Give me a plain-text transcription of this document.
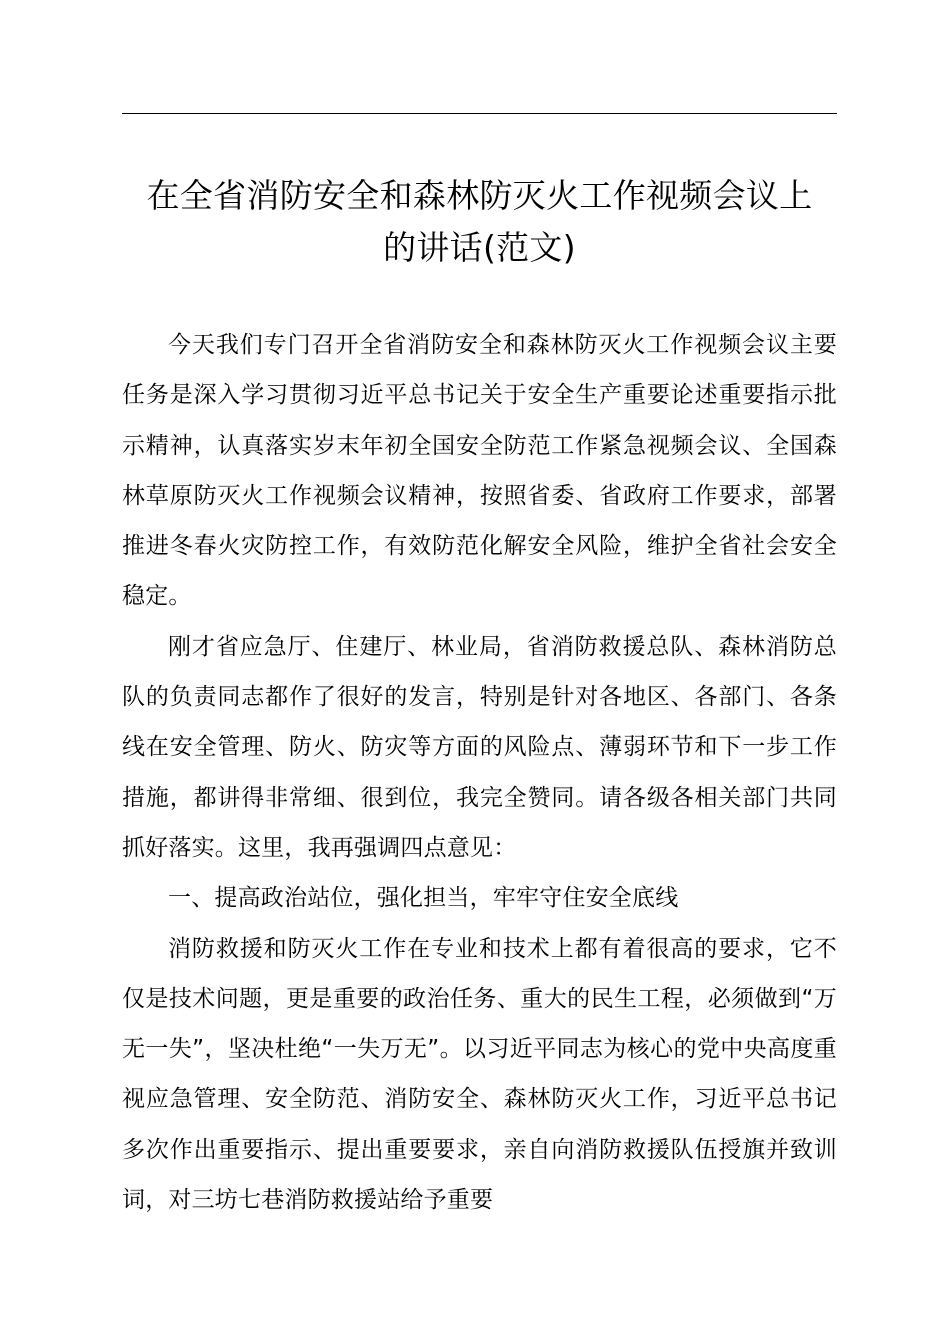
在全省消防安全和森林防灭火工作视频会议上
的讲话(范文)

今天我们专门召开全省消防安全和森林防灭火工作视频会议主要任务是深入学习贯彻习近平总书记关于安全生产重要论述重要指示批示精神，认真落实岁末年初全国安全防范工作紧急视频会议、全国森林草原防灭火工作视频会议精神，按照省委、省政府工作要求，部署推进冬春火灾防控工作，有效防范化解安全风险，维护全省社会安全稳定。

刚才省应急厅、住建厅、林业局，省消防救援总队、森林消防总队的负责同志都作了很好的发言，特别是针对各地区、各部门、各条线在安全管理、防火、防灾等方面的风险点、薄弱环节和下一步工作措施，都讲得非常细、很到位，我完全赞同。请各级各相关部门共同抓好落实。这里，我再强调四点意见：

一、提高政治站位，强化担当，牢牢守住安全底线

消防救援和防灭火工作在专业和技术上都有着很高的要求，它不仅是技术问题，更是重要的政治任务、重大的民生工程，必须做到“万无一失”，坚决杜绝“一失万无”。以习近平同志为核心的党中央高度重视应急管理、安全防范、消防安全、森林防灭火工作，习近平总书记多次作出重要指示、提出重要要求，亲自向消防救援队伍授旗并致训词，对三坊七巷消防救援站给予重要
